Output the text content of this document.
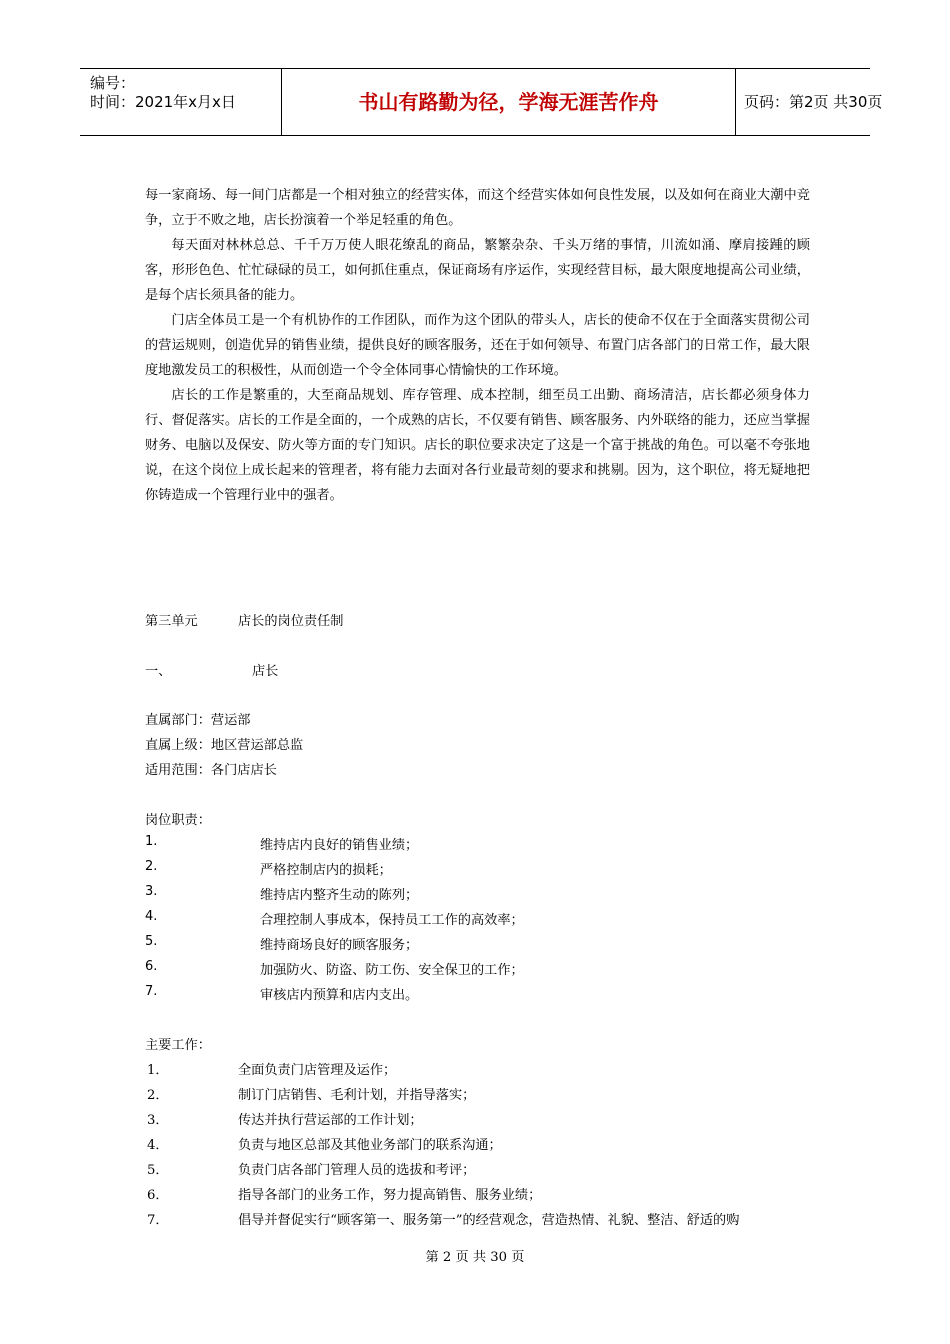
编号：
时间：2021年x月x日	书山有路勤为径，学海无涯苦作舟	页码：第2页 共30页
每一家商场、每一间门店都是一个相对独立的经营实体，而这个经营实体如何良性发展，以及如何在商业大潮中竞争，立于不败之地，店长扮演着一个举足轻重的角色。
每天面对林林总总、千千万万使人眼花缭乱的商品，繁繁杂杂、千头万绪的事情，川流如涌、摩肩接踵的顾客，形形色色、忙忙碌碌的员工，如何抓住重点，保证商场有序运作，实现经营目标，最大限度地提高公司业绩，是每个店长须具备的能力。
门店全体员工是一个有机协作的工作团队，而作为这个团队的带头人，店长的使命不仅在于全面落实贯彻公司的营运规则，创造优异的销售业绩，提供良好的顾客服务，还在于如何领导、布置门店各部门的日常工作，最大限度地激发员工的积极性，从而创造一个令全体同事心情愉快的工作环境。
店长的工作是繁重的，大至商品规划、库存管理、成本控制，细至员工出勤、商场清洁，店长都必须身体力行、督促落实。店长的工作是全面的，一个成熟的店长，不仅要有销售、顾客服务、内外联络的能力，还应当掌握财务、电脑以及保安、防火等方面的专门知识。店长的职位要求决定了这是一个富于挑战的角色。可以毫不夸张地说，在这个岗位上成长起来的管理者，将有能力去面对各行业最苛刻的要求和挑剔。因为，这个职位，将无疑地把你铸造成一个管理行业中的强者。
第三单元	店长的岗位责任制
一、	店长
直属部门：营运部
直属上级：地区营运部总监
适用范围：各门店店长
岗位职责：
1.	维持店内良好的销售业绩；
2.	严格控制店内的损耗；
3.	维持店内整齐生动的陈列；
4.	合理控制人事成本，保持员工工作的高效率；
5.	维持商场良好的顾客服务；
6.	加强防火、防盗、防工伤、安全保卫的工作；
7.	审核店内预算和店内支出。
主要工作：
1．	全面负责门店管理及运作；
2．	制订门店销售、毛利计划，并指导落实；
3．	传达并执行营运部的工作计划；
4．	负责与地区总部及其他业务部门的联系沟通；
5．	负责门店各部门管理人员的选拔和考评；
6．	指导各部门的业务工作，努力提高销售、服务业绩；
7．	倡导并督促实行“顾客第一、服务第一”的经营观念，营造热情、礼貌、整洁、舒适的购
第 2 页 共 30 页
